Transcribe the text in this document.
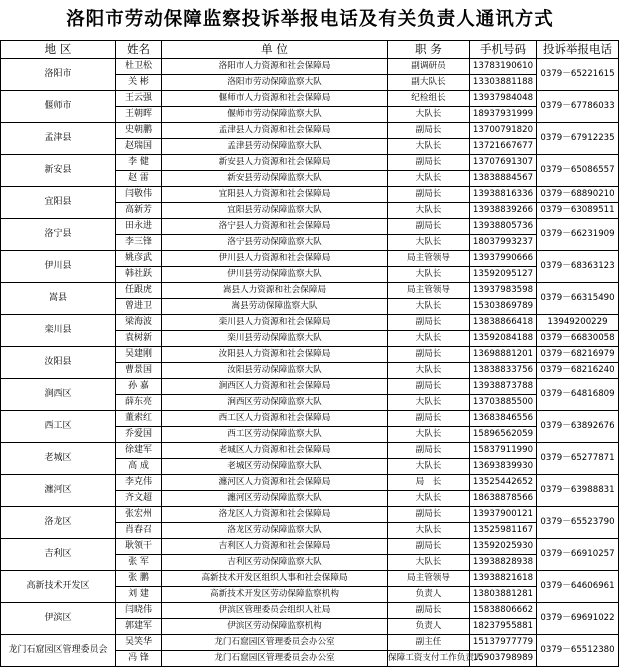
洛阳市劳动保障监察投诉举报电话及有关负责人通讯方式
地 区	姓名	单 位	职 务	手机号码	投诉举报电话
洛阳市	杜卫松	洛阳市人力资源和社会保障局	副调研员	13783190610	0379－65221615
	关 彬	洛阳市劳动保障监察大队	副大队长	13303881188	
偃师市	王云强	偃师市人力资源和社会保障局	纪检组长	13937984048	0379－67786033
	王朝晖	偃师市劳动保障监察大队	大队长	18937931999	
孟津县	史朝鹏	孟津县人力资源和社会保障局	副局长	13700791820	0379－67912235
	赵瑞国	孟津县劳动保障监察大队	大队长	13721667677	
新安县	李 健	新安县人力资源和社会保障局	副局长	13707691307	0379－65086557
	赵 雷	新安县劳动保障监察大队	大队长	13838884567	
宜阳县	闫敬伟	宜阳县人力资源和社会保障局	副局长	13938816336	0379－68890210
	高新芳	宜阳县劳动保障监察大队	大队长	13938839266	0379－63089511
洛宁县	田永进	洛宁县人力资源和社会保障局	副局长	13938805736	0379－66231909
	李三锋	洛宁县劳动保障监察大队	大队长	18037993237	
伊川县	姚彦武	伊川县人力资源和社会保障局	局主管领导	13937990666	0379－68363123
	韩社跃	伊川县劳动保障监察大队	大队长	13592095127	
嵩县	任跟虎	嵩县人力资源和社会保障局	局主管领导	13937983598	0379－66315490
	曾进卫	嵩县劳动保障监察大队	大队长	15303869789	
栾川县	梁海波	栾川县人力资源和社会保障局	副局长	13838866418	13949200229
	袁树新	栾川县劳动保障监察大队	大队长	13592084188	0379－66830058
汝阳县	吴建刚	汝阳县人力资源和社会保障局	副局长	13698881201	0379－68216979
	曹景国	汝阳县劳动保障监察大队	大队长	13838833756	0379－68216240
涧西区	孙 嘉	涧西区人力资源和社会保障局	副局长	13938873788	0379－64816809
	薛东亮	涧西区劳动保障监察大队	大队长	13703885500	
西工区	董索红	西工区人力资源和社会保障局	副局长	13683846556	0379－63892676
	乔爱国	西工区劳动保障监察大队	大队长	15896562059	
老城区	徐建军	老城区人力资源和社会保障局	副局长	15837911990	0379－65277871
	高 成	老城区劳动保障监察大队	大队长	13693839930	
瀍河区	李克伟	瀍河区人力资源和社会保障局	局　长	13525442652	0379－63988831
	齐文超	瀍河区劳动保障监察大队	大队长	18638878566	
洛龙区	张宏州	洛龙区人力资源和社会保障局	副局长	13937900121	0379－65523790
	肖春召	洛龙区劳动保障监察大队	大队长	13525981167	
吉利区	耿领干	吉利区人力资源和社会保障局	副局长	13592025930	0379－66910257
	张 军	吉利区劳动保障监察大队	大队长	13938828938	
高新技术开发区	张 鹏	高新技术开发区组织人事和社会保障局	局主管领导	13938821618	0379－64606961
	刘 建	高新技术开发区劳动保障监察机构	负责人	13803881281	
伊滨区	闫晓伟	伊滨区管理委员会组织人社局	副局长	15838806662	0379－69691022
	郭建军	伊滨区劳动保障监察机构	负责人	18237955881	
龙门石窟园区管理委员会	吴笑华	龙门石窟园区管理委员会办公室	副主任	15137977779	0379－65512380
	冯 锋	龙门石窟园区管理委员会办公室	保障工资支付工作负责人	15903798989	
